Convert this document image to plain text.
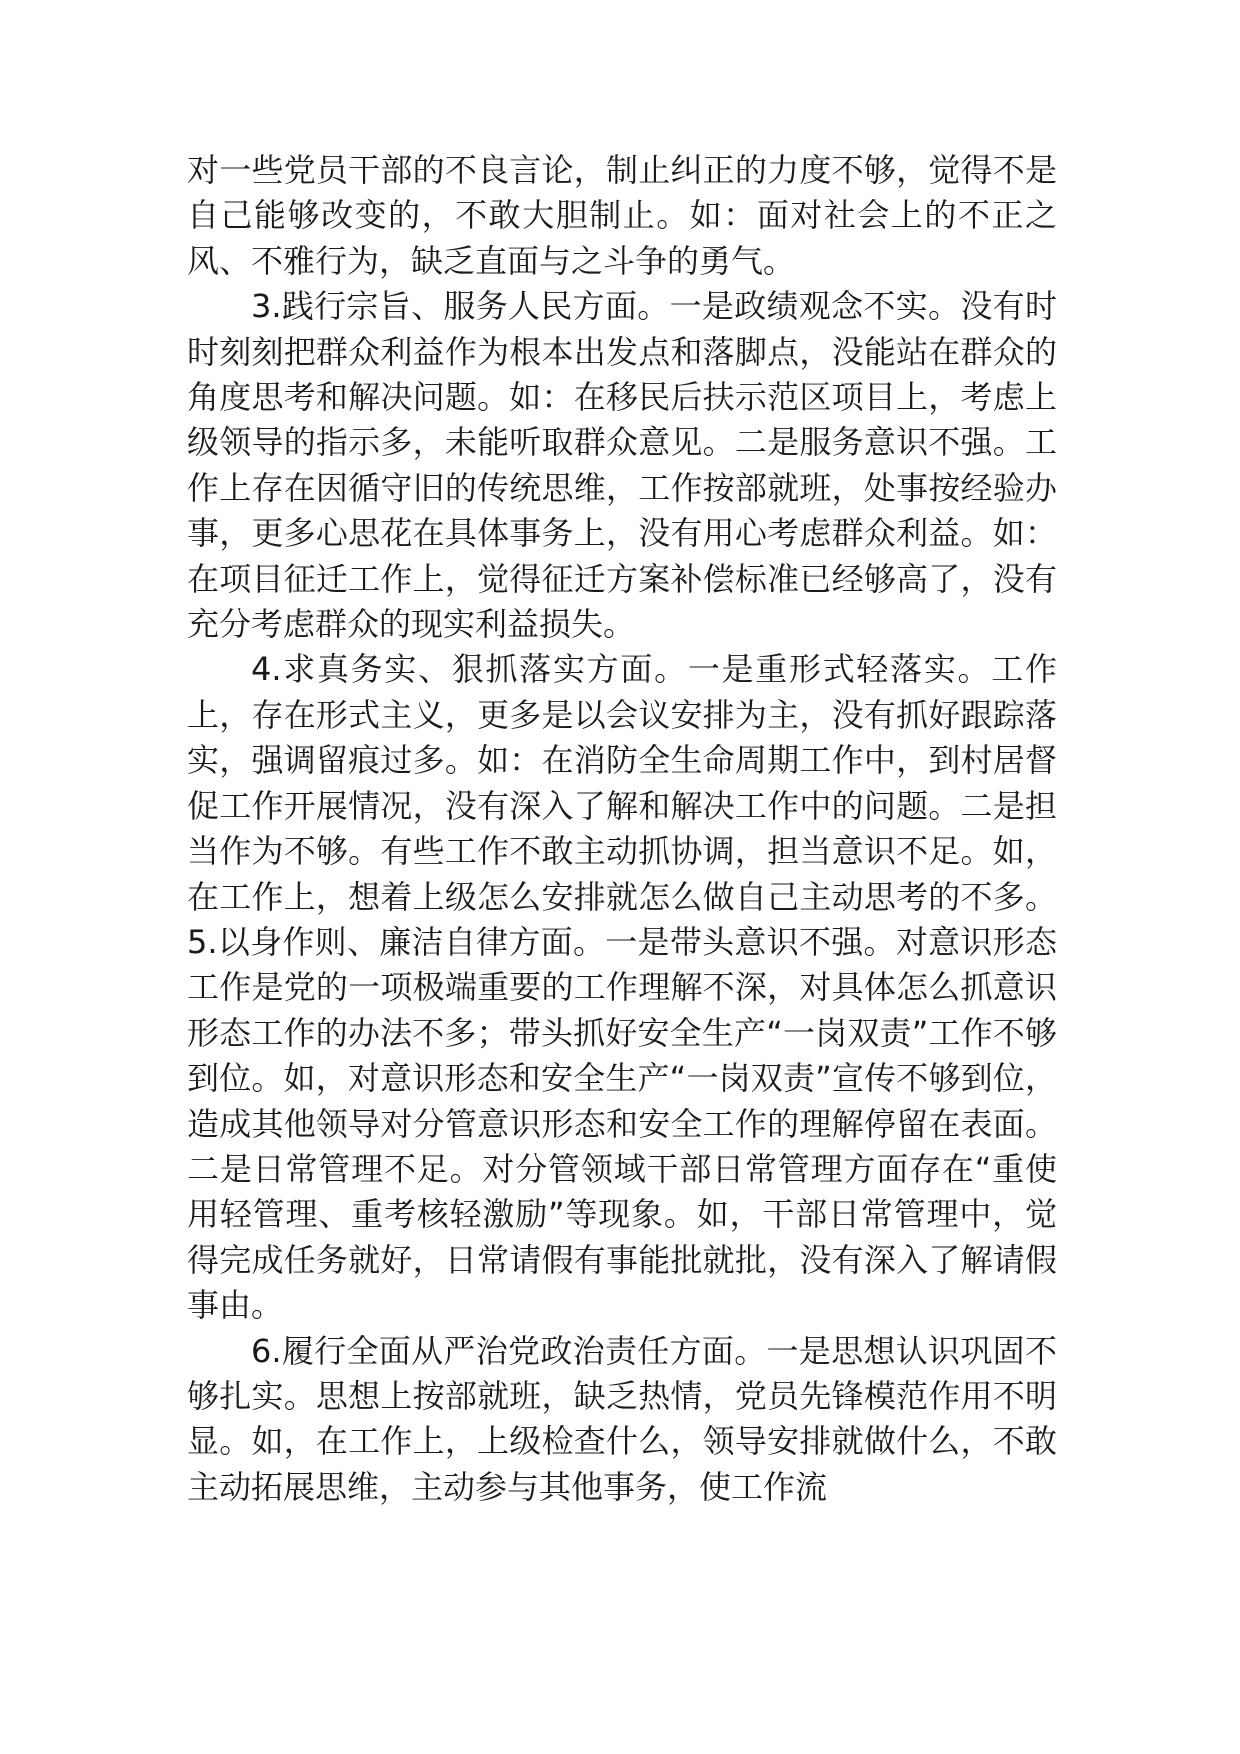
对一些党员干部的不良言论，制止纠正的力度不够，觉得不是自己能够改变的，不敢大胆制止。如：面对社会上的不正之风、不雅行为，缺乏直面与之斗争的勇气。

3.践行宗旨、服务人民方面。一是政绩观念不实。没有时时刻刻把群众利益作为根本出发点和落脚点，没能站在群众的角度思考和解决问题。如：在移民后扶示范区项目上，考虑上级领导的指示多，未能听取群众意见。二是服务意识不强。工作上存在因循守旧的传统思维，工作按部就班，处事按经验办事，更多心思花在具体事务上，没有用心考虑群众利益。如：在项目征迁工作上，觉得征迁方案补偿标准已经够高了，没有充分考虑群众的现实利益损失。

4.求真务实、狠抓落实方面。一是重形式轻落实。工作上，存在形式主义，更多是以会议安排为主，没有抓好跟踪落实，强调留痕过多。如：在消防全生命周期工作中，到村居督促工作开展情况，没有深入了解和解决工作中的问题。二是担当作为不够。有些工作不敢主动抓协调，担当意识不足。如，在工作上，想着上级怎么安排就怎么做自己主动思考的不多。5.以身作则、廉洁自律方面。一是带头意识不强。对意识形态工作是党的一项极端重要的工作理解不深，对具体怎么抓意识形态工作的办法不多；带头抓好安全生产“一岗双责”工作不够到位。如，对意识形态和安全生产“一岗双责”宣传不够到位，造成其他领导对分管意识形态和安全工作的理解停留在表面。二是日常管理不足。对分管领域干部日常管理方面存在“重使用轻管理、重考核轻激励”等现象。如，干部日常管理中，觉得完成任务就好，日常请假有事能批就批，没有深入了解请假事由。

6.履行全面从严治党政治责任方面。一是思想认识巩固不够扎实。思想上按部就班，缺乏热情，党员先锋模范作用不明显。如，在工作上，上级检查什么，领导安排就做什么，不敢主动拓展思维，主动参与其他事务，使工作流
